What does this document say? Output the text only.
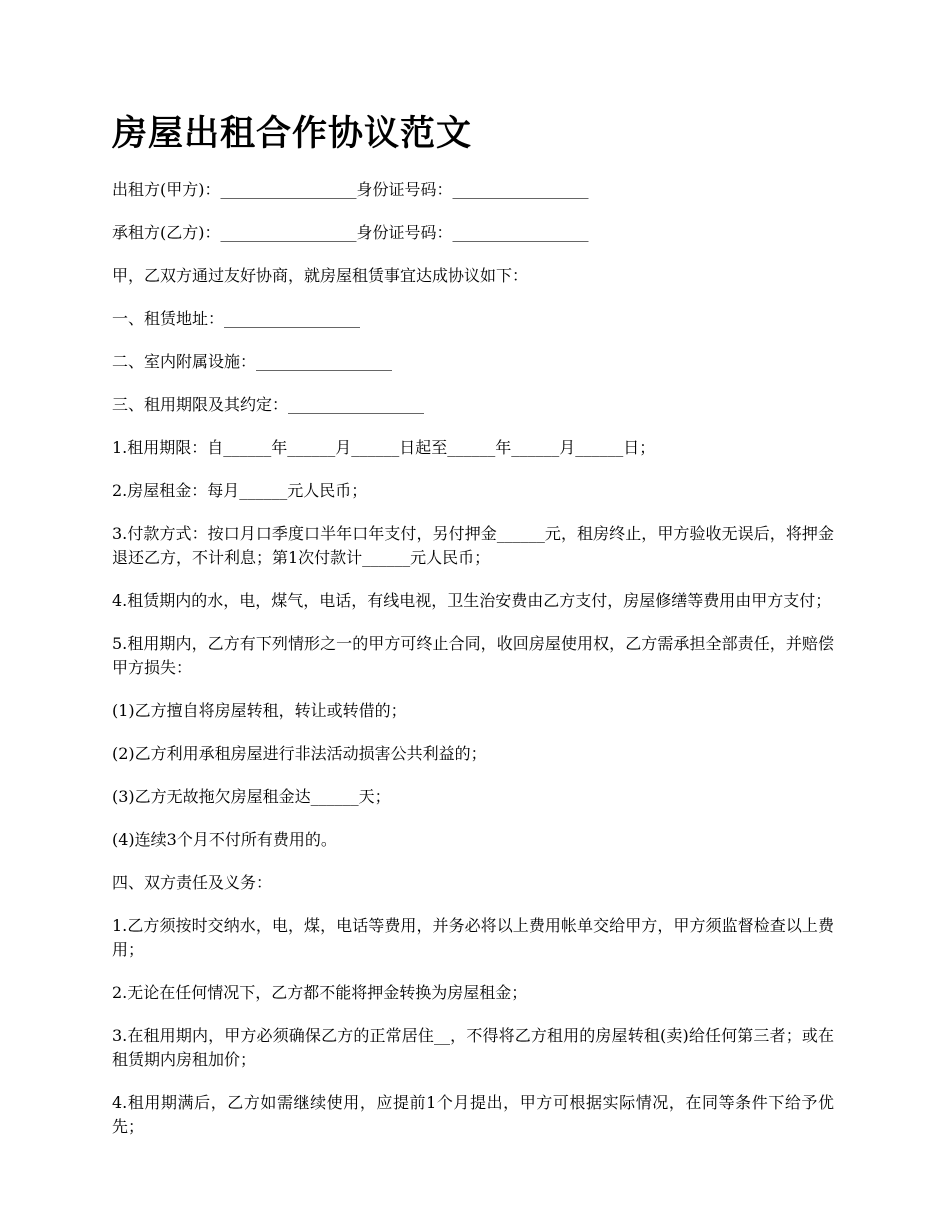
房屋出租合作协议范文

出租方(甲方)：_________________身份证号码：_________________

承租方(乙方)：_________________身份证号码：_________________

甲，乙双方通过友好协商，就房屋租赁事宜达成协议如下：

一、租赁地址：_________________

二、室内附属设施：_________________

三、租用期限及其约定：_________________

1.租用期限：自______年______月______日起至______年______月______日；

2.房屋租金：每月______元人民币；

3.付款方式：按口月口季度口半年口年支付，另付押金______元，租房终止，甲方验收无误后，将押金退还乙方，不计利息；第1次付款计______元人民币；

4.租赁期内的水，电，煤气，电话，有线电视，卫生治安费由乙方支付，房屋修缮等费用由甲方支付；

5.租用期内，乙方有下列情形之一的甲方可终止合同，收回房屋使用权，乙方需承担全部责任，并赔偿甲方损失：

(1)乙方擅自将房屋转租，转让或转借的；

(2)乙方利用承租房屋进行非法活动损害公共利益的；

(3)乙方无故拖欠房屋租金达______天；

(4)连续3个月不付所有费用的。

四、双方责任及义务：

1.乙方须按时交纳水，电，煤，电话等费用，并务必将以上费用帐单交给甲方，甲方须监督检查以上费用；

2.无论在任何情况下，乙方都不能将押金转换为房屋租金；

3.在租用期内，甲方必须确保乙方的正常居住__，不得将乙方租用的房屋转租(卖)给任何第三者；或在租赁期内房租加价；

4.租用期满后，乙方如需继续使用，应提前1个月提出，甲方可根据实际情况，在同等条件下给予优先；
